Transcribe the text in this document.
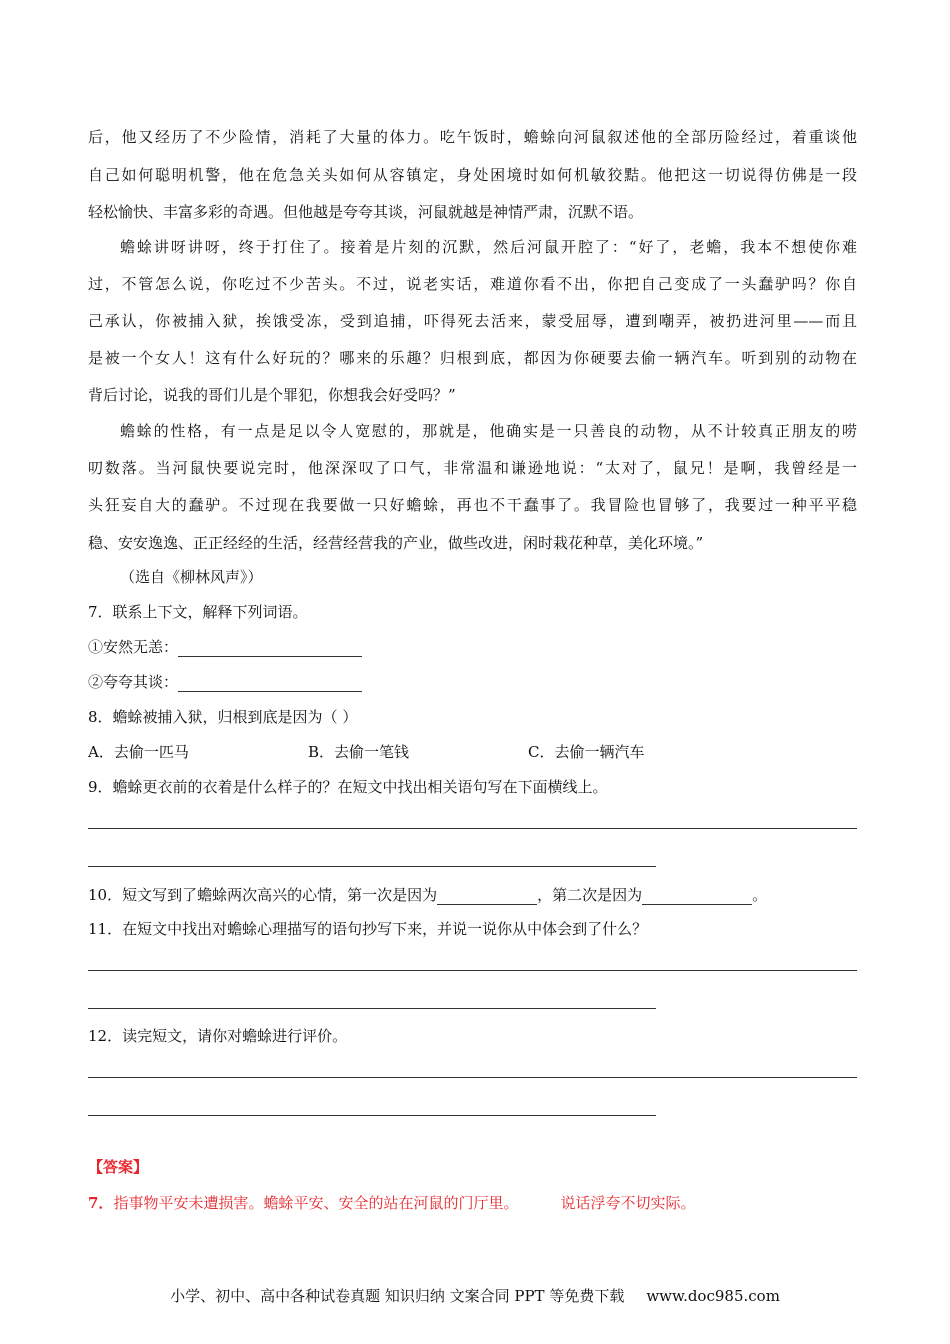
后，他又经历了不少险情，消耗了大量的体力。吃午饭时，蟾蜍向河鼠叙述他的全部历险经过，着重谈他
自己如何聪明机警，他在危急关头如何从容镇定，身处困境时如何机敏狡黠。他把这一切说得仿佛是一段
轻松愉快、丰富多彩的奇遇。但他越是夸夸其谈，河鼠就越是神情严肃，沉默不语。
蟾蜍讲呀讲呀，终于打住了。接着是片刻的沉默，然后河鼠开腔了：“好了，老蟾，我本不想使你难
过，不管怎么说，你吃过不少苦头。不过，说老实话，难道你看不出，你把自己变成了一头蠢驴吗？你自
己承认，你被捕入狱，挨饿受冻，受到追捕，吓得死去活来，蒙受屈辱，遭到嘲弄，被扔进河里——而且
是被一个女人！这有什么好玩的？哪来的乐趣？归根到底，都因为你硬要去偷一辆汽车。听到别的动物在
背后讨论，说我的哥们儿是个罪犯，你想我会好受吗？”
蟾蜍的性格，有一点是足以令人宽慰的，那就是，他确实是一只善良的动物，从不计较真正朋友的唠
叨数落。当河鼠快要说完时，他深深叹了口气，非常温和谦逊地说：“太对了，鼠兄！是啊，我曾经是一
头狂妄自大的蠢驴。不过现在我要做一只好蟾蜍，再也不干蠢事了。我冒险也冒够了，我要过一种平平稳
稳、安安逸逸、正正经经的生活，经营经营我的产业，做些改进，闲时栽花种草，美化环境。”
（选自《柳林风声》）
7．联系上下文，解释下列词语。
①安然无恙：
②夸夸其谈：
8．蟾蜍被捕入狱，归根到底是因为（ ）
A．去偷一匹马	B．去偷一笔钱	C．去偷一辆汽车
9．蟾蜍更衣前的衣着是什么样子的？在短文中找出相关语句写在下面横线上。
10．短文写到了蟾蜍两次高兴的心情，第一次是因为	，第二次是因为	。
11．在短文中找出对蟾蜍心理描写的语句抄写下来，并说一说你从中体会到了什么？
12．读完短文，请你对蟾蜍进行评价。
【答案】
7．指事物平安未遭损害。蟾蜍平安、安全的站在河鼠的门厅里。	说话浮夸不切实际。
小学、初中、高中各种试卷真题 知识归纳 文案合同 PPT 等免费下载 www.doc985.com
